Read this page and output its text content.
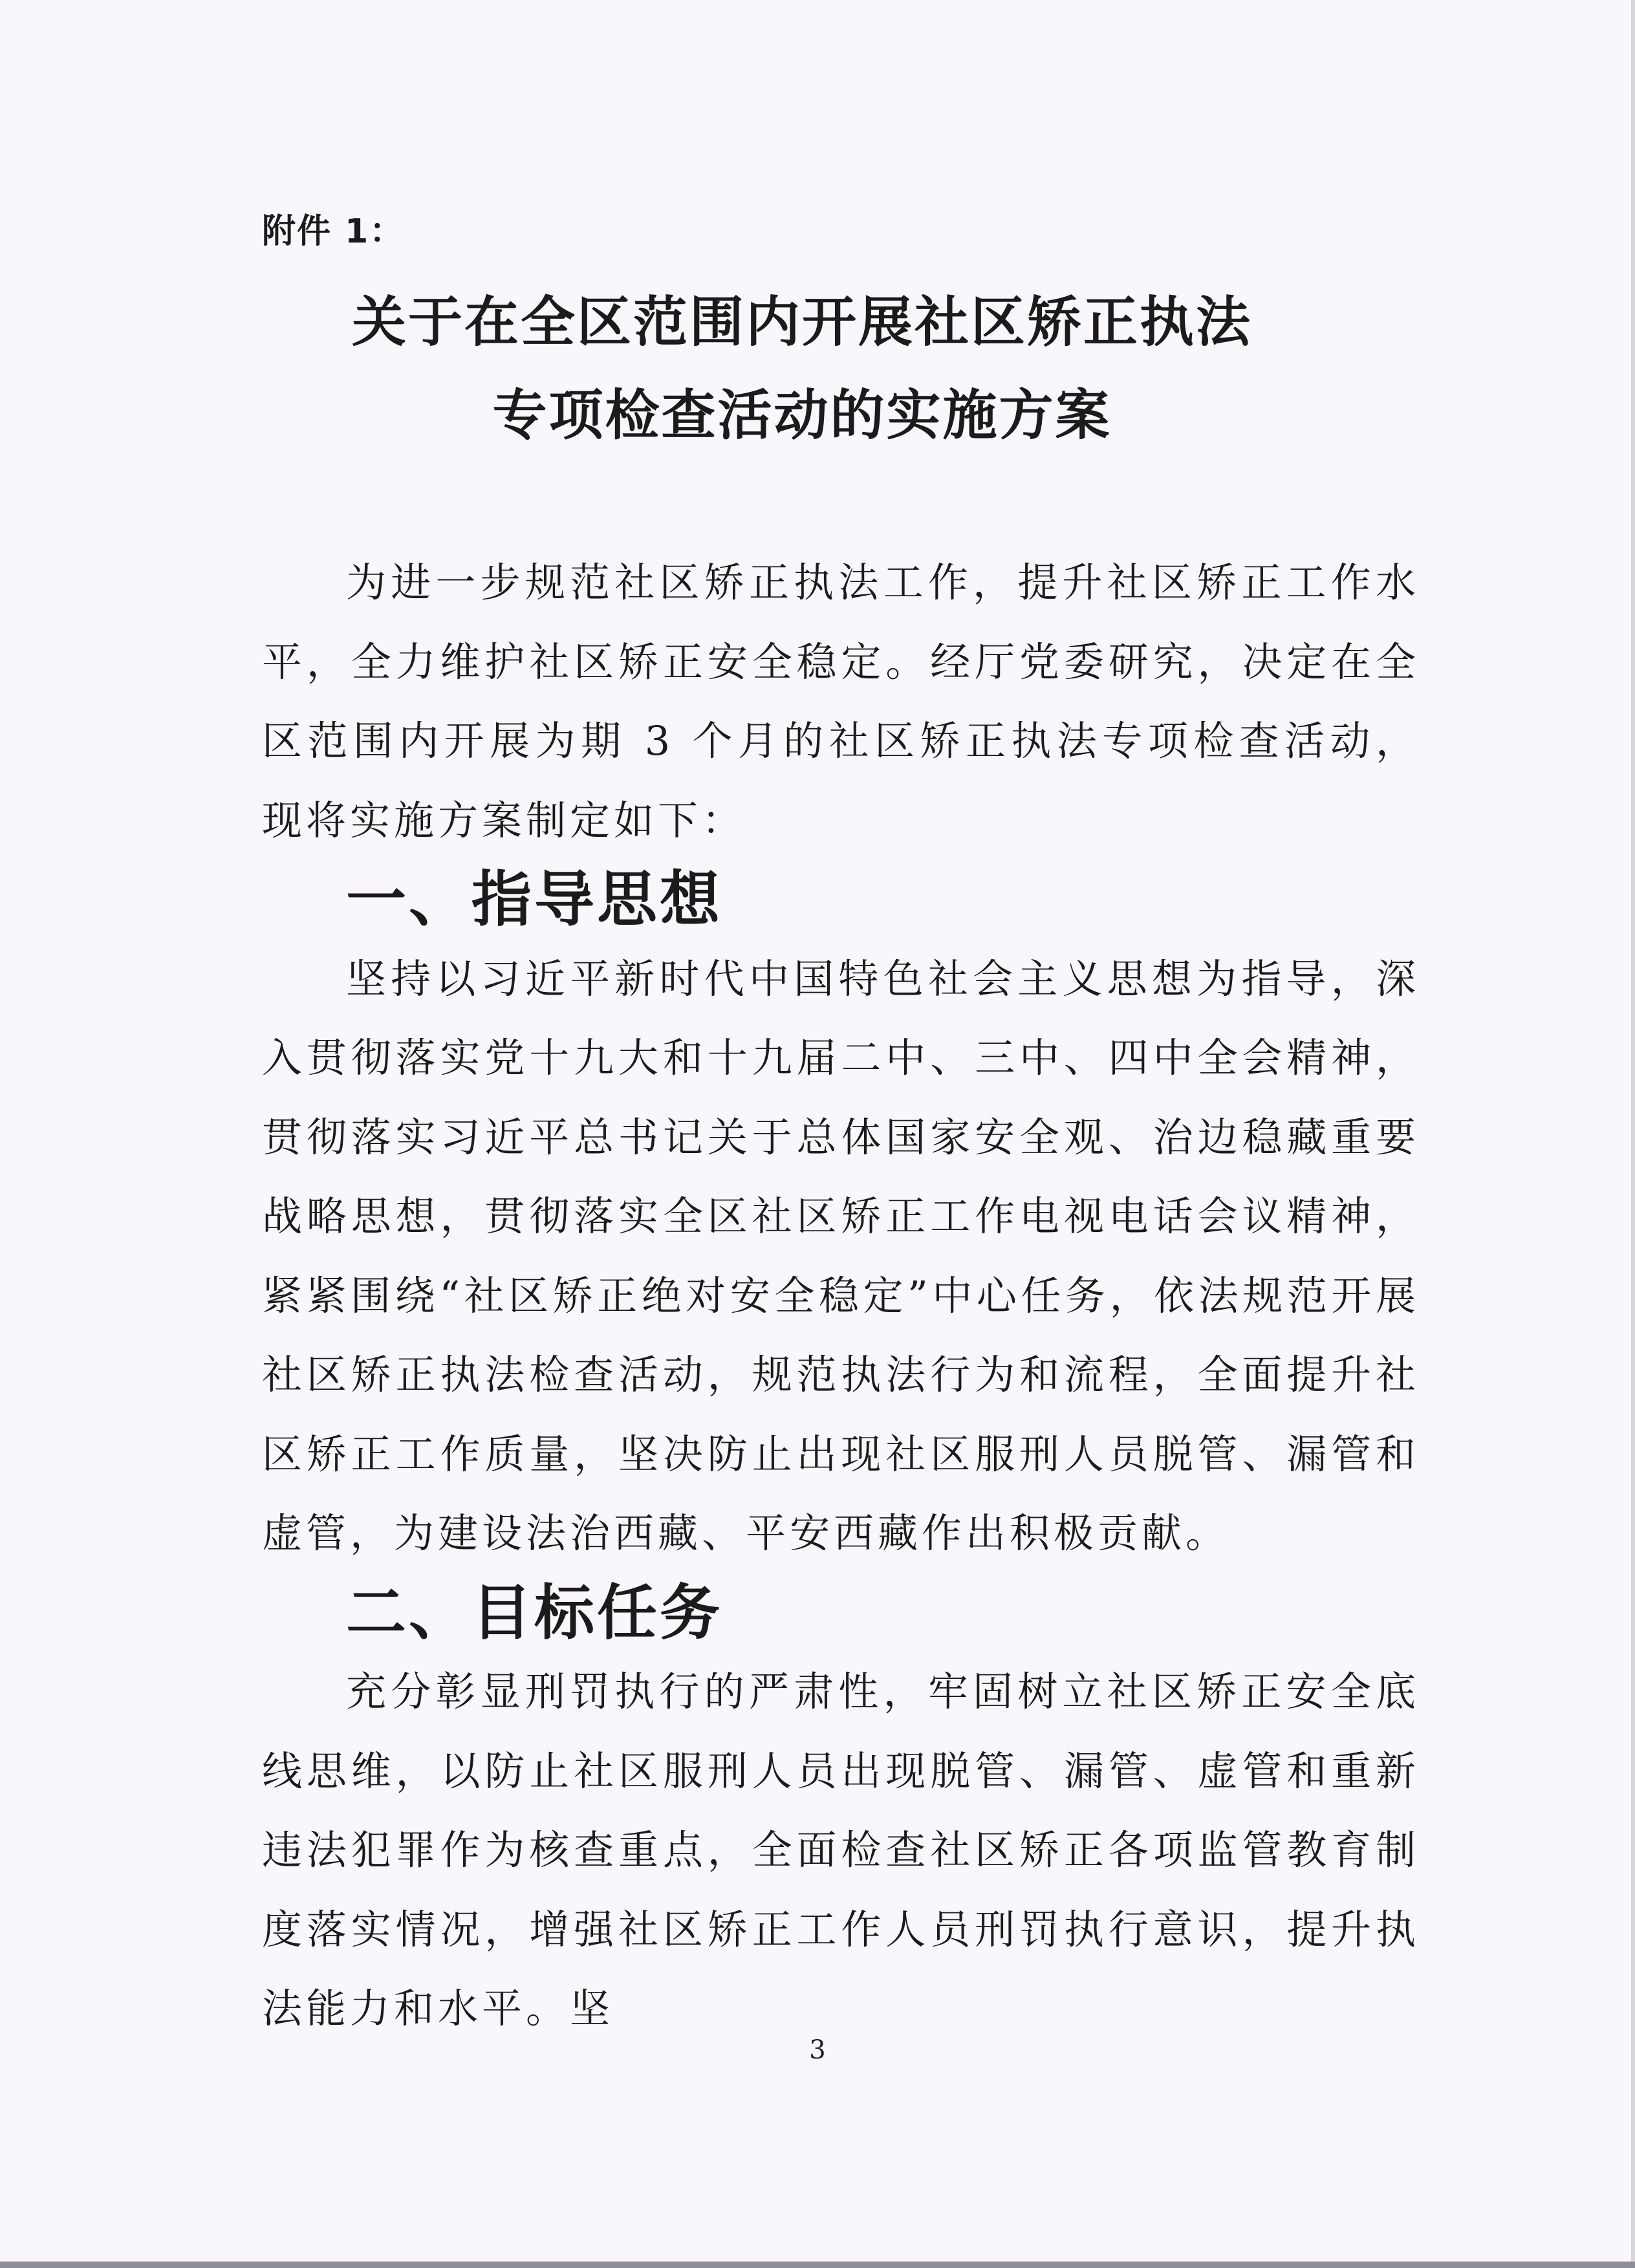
附件 1：

关于在全区范围内开展社区矫正执法
专项检查活动的实施方案

为进一步规范社区矫正执法工作，提升社区矫正工作水平，全力维护社区矫正安全稳定。经厅党委研究，决定在全区范围内开展为期 3 个月的社区矫正执法专项检查活动，现将实施方案制定如下：

一、指导思想

坚持以习近平新时代中国特色社会主义思想为指导，深入贯彻落实党十九大和十九届二中、三中、四中全会精神，贯彻落实习近平总书记关于总体国家安全观、治边稳藏重要战略思想，贯彻落实全区社区矫正工作电视电话会议精神，紧紧围绕“社区矫正绝对安全稳定”中心任务，依法规范开展社区矫正执法检查活动，规范执法行为和流程，全面提升社区矫正工作质量，坚决防止出现社区服刑人员脱管、漏管和虚管，为建设法治西藏、平安西藏作出积极贡献。

二、目标任务

充分彰显刑罚执行的严肃性，牢固树立社区矫正安全底线思维，以防止社区服刑人员出现脱管、漏管、虚管和重新违法犯罪作为核查重点，全面检查社区矫正各项监管教育制度落实情况，增强社区矫正工作人员刑罚执行意识，提升执法能力和水平。坚

3
